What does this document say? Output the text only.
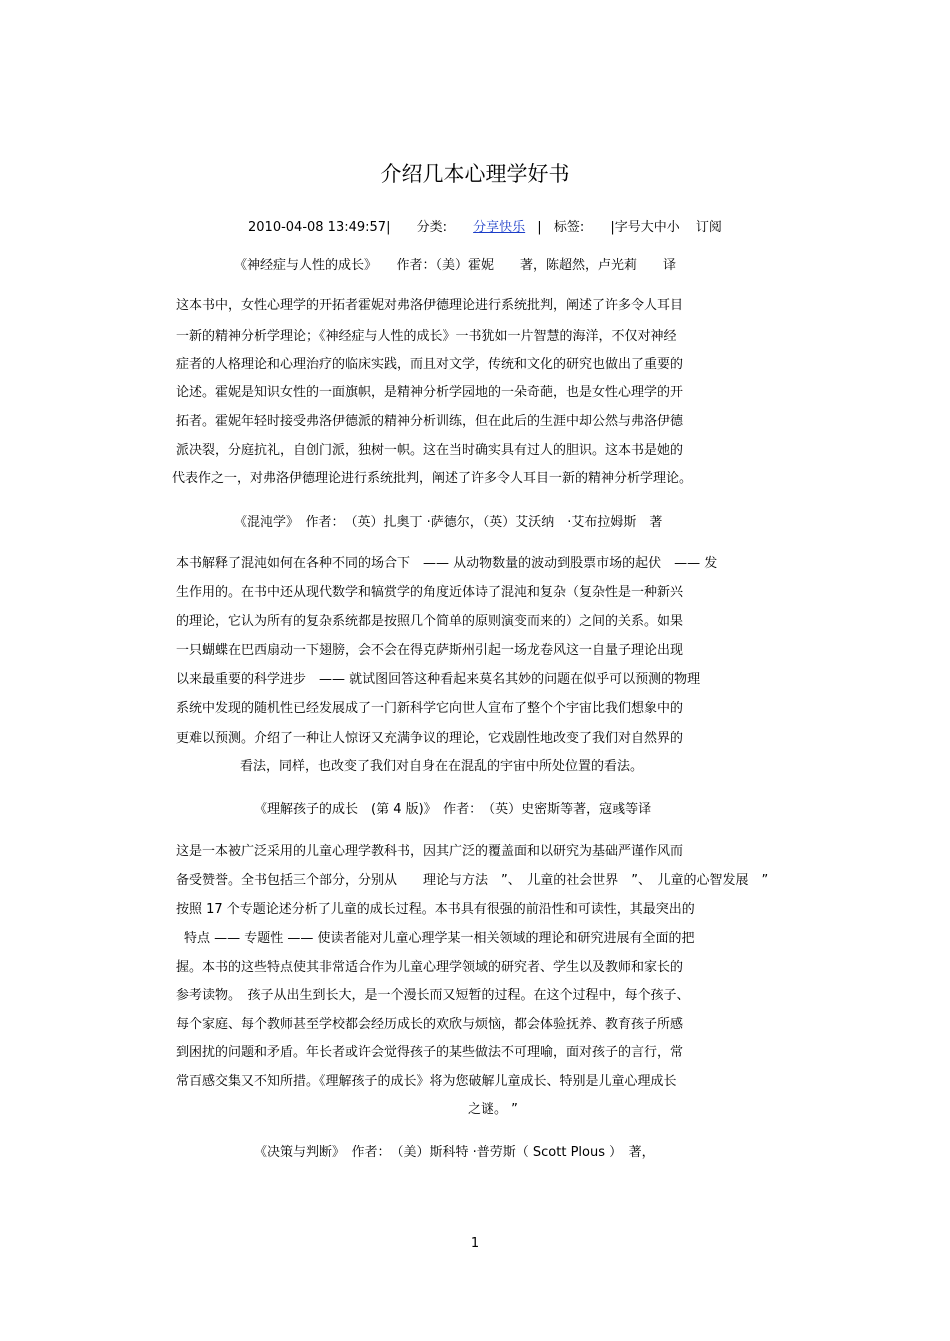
介绍几本心理学好书
2010-04-08 13:49:57| 分类: 分享快乐 | 标签: |字号大中小 订阅
《神经症与人性的成长》　　作者：（美）霍妮　　著，陈超然，卢光莉　　译
这本书中，女性心理学的开拓者霍妮对弗洛伊德理论进行系统批判，阐述了许多令人耳目
一新的精神分析学理论；《神经症与人性的成长》一书犹如一片智慧的海洋，不仅对神经
症者的人格理论和心理治疗的临床实践，而且对文学，传统和文化的研究也做出了重要的
论述。霍妮是知识女性的一面旗帜，是精神分析学园地的一朵奇葩，也是女性心理学的开
拓者。霍妮年轻时接受弗洛伊德派的精神分析训练，但在此后的生涯中却公然与弗洛伊德
派决裂，分庭抗礼，自创门派，独树一帜。这在当时确实具有过人的胆识。这本书是她的
代表作之一，对弗洛伊德理论进行系统批判，阐述了许多令人耳目一新的精神分析学理论。
《混沌学》　作者：　（英）扎奥丁 ·萨德尔，（英）艾沃纳　·艾布拉姆斯　著
本书解释了混沌如何在各种不同的场合下　—— 从动物数量的波动到股票市场的起伏　—— 发
生作用的。在书中还从现代数学和犒赏学的角度近体诗了混沌和复杂（复杂性是一种新兴
的理论，它认为所有的复杂系统都是按照几个简单的原则演变而来的）之间的关系。如果
一只蝴蝶在巴西扇动一下翅膀，会不会在得克萨斯州引起一场龙卷风这一自量子理论出现
以来最重要的科学进步　—— 就试图回答这种看起来莫名其妙的问题在似乎可以预测的物理
系统中发现的随机性已经发展成了一门新科学它向世人宣布了整个个宇宙比我们想象中的
更难以预测。介绍了一种让人惊讶又充满争议的理论，它戏剧性地改变了我们对自然界的
看法，同样，也改变了我们对自身在在混乱的宇宙中所处位置的看法。
《理解孩子的成长　(第 4 版)》　作者：　（英）史密斯等著，寇彧等译
这是一本被广泛采用的儿童心理学教科书，因其广泛的覆盖面和以研究为基础严谨作风而
备受赞誉。全书包括三个部分，分别从　　理论与方法　”、　儿童的社会世界　”、　儿童的心智发展　”
按照 17 个专题论述分析了儿童的成长过程。本书具有很强的前沿性和可读性，其最突出的
特点 —— 专题性 —— 使读者能对儿童心理学某一相关领域的理论和研究进展有全面的把
握。本书的这些特点使其非常适合作为儿童心理学领域的研究者、学生以及教师和家长的
参考读物。　孩子从出生到长大，是一个漫长而又短暂的过程。在这个过程中，每个孩子、
每个家庭、每个教师甚至学校都会经历成长的欢欣与烦恼，都会体验抚养、教育孩子所感
到困扰的问题和矛盾。年长者或许会觉得孩子的某些做法不可理喻，面对孩子的言行，常
常百感交集又不知所措。《理解孩子的成长》将为您破解儿童成长、特别是儿童心理成长
之谜。 ”
《决策与判断》　作者：　（美）斯科特 ·普劳斯（ Scott Plous ）　著，
1
